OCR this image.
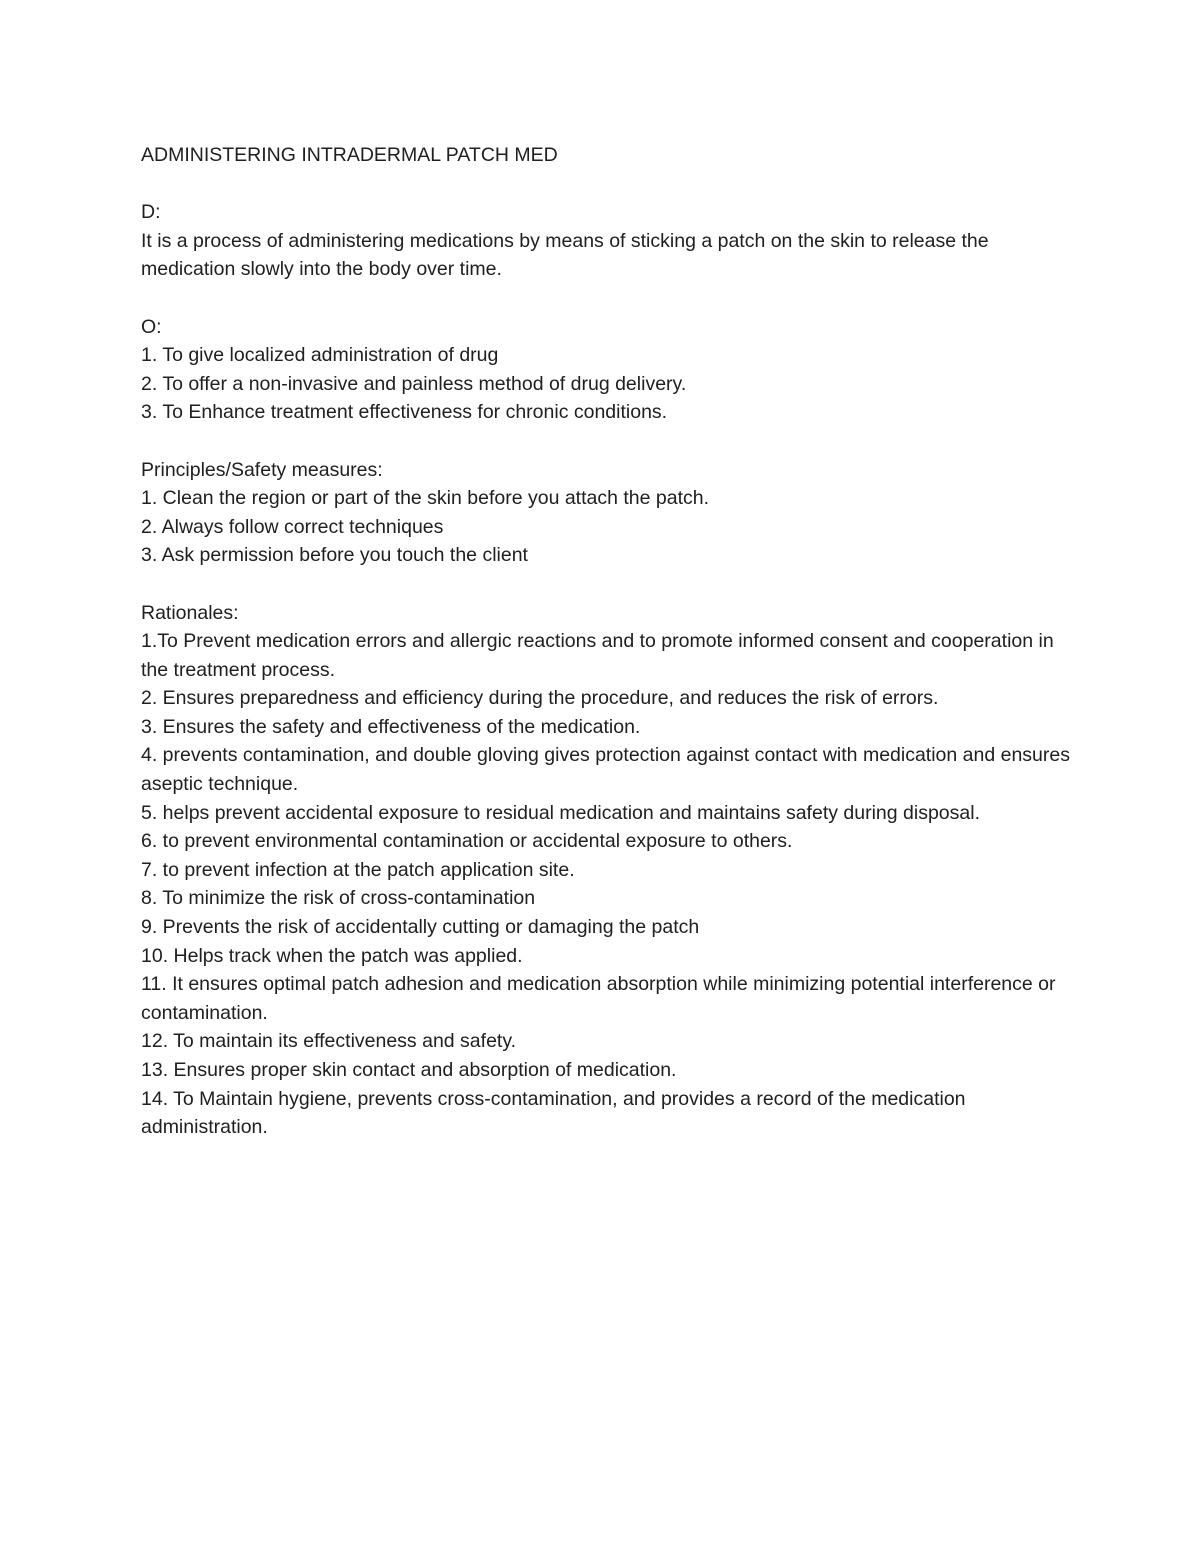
ADMINISTERING INTRADERMAL PATCH MED

D:

It is a process of administering medications by means of sticking a patch on the skin to release the medication slowly into the body over time.

O:

1. To give localized administration of drug

2. To offer a non-invasive and painless method of drug delivery.

3. To Enhance treatment effectiveness for chronic conditions.

Principles/Safety measures:

1. Clean the region or part of the skin before you attach the patch.

2. Always follow correct techniques

3. Ask permission before you touch the client

Rationales:

1.To Prevent medication errors and allergic reactions and to promote informed consent and cooperation in the treatment process.

2. Ensures preparedness and efficiency during the procedure, and reduces the risk of errors.

3. Ensures the safety and effectiveness of the medication.

4. prevents contamination, and double gloving gives protection against contact with medication and ensures aseptic technique.

5. helps prevent accidental exposure to residual medication and maintains safety during disposal.

6. to prevent environmental contamination or accidental exposure to others.

7. to prevent infection at the patch application site.

8. To minimize the risk of cross-contamination

9. Prevents the risk of accidentally cutting or damaging the patch

10. Helps track when the patch was applied.

11. It ensures optimal patch adhesion and medication absorption while minimizing potential interference or contamination.

12. To maintain its effectiveness and safety.

13. Ensures proper skin contact and absorption of medication.

14. To Maintain hygiene, prevents cross-contamination, and provides a record of the medication administration.
